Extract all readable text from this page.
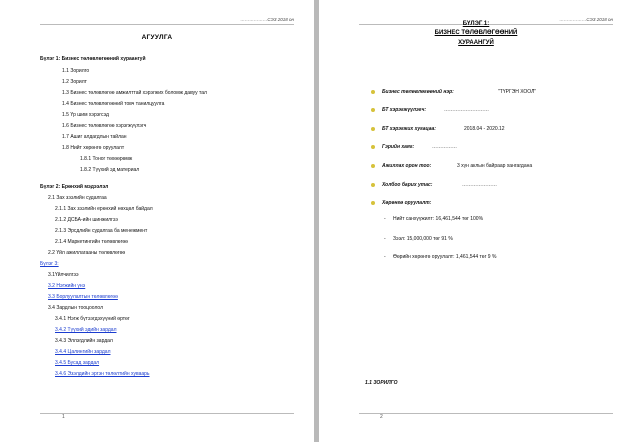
………………СЭЗ 2018 он
АГУУЛГА
Бүлэг 1: Бизнес төлөвлөгөөний хураангуй
1.1 Зорилго
1.2 Зорилт
1.3 Бизнес төлөвлөгөө амжилттай хэрэгжих боломж давуу тал
1.4 Бизнес төлөвлөгөөний товч танилцуулга
1.5 Үр шим хэрэгсэд
1.6 Бизнес төлөвлөгөө хэрэгжүүлэгч
1.7 Ашиг алдагдлын тайлан
1.8 Нийт хөрөнгө оруулалт
1.8.1 Тоног төхөөрөмж
1.8.2 Түүхий эд материал
Бүлэг 2: Ерөнхий мэдээлэл
2.1 Зах зээлийн судалгаа
2.1.1 Зах зээлийн ерөнхий нөхцөл байдал
2.1.2 ДСБА-ийн шинжилгээ
2.1.3 Эрсдлийн судалгаа ба менежмент
2.1.4 Маркетингийн төлөвлөгөө
2.2 Үйл ажиллагааны төлөвлөгөө
Бүлэг 3:
3.1Үйлчилгээ
3.2 Нэгжийн үнэ
3.3 Борлуулалтын төлөвлөгөө
3.4 Зардлын тооцоолол
3.4.1 Нэгж бүтээгдэхүүний өртөг
3.4.2 Түүхий эдийн зардал
3.4.3 Эллэгдлийн зардал
3.4.4 Цалингийн зардал
3.4.5 Бусад зардал
3.4.6 Эзэлдийн эргэн төлөлтийн хуваарь
1
………………СЭЗ 2018 он
БҮЛЭГ 1:
БИЗНЕС ТӨЛӨВЛӨГӨӨНИЙ
ХУРААНГУЙ
Бизнес төлөвлөгөөний нэр:	"ТҮРГЭН ХООЛ"
БТ хэрэгжүүлэгч:	………………………
БТ хэрэгжих хугацаа:	2018.04 - 2020.12
Гэрийн хаяг:	……………
Ажиллах орон тоо:	3 хүн аклын байраар хангагдана
Холбоо барих утас:	…………………
Хөрөнгө оруулалт:
- Нийт санхүүжилт: 16,461,544 төг 100%
- Зээл: 15,000,000 төг 91 %
- Өөрийн хөрөнгө оруулалт: 1,461,544 төг 9 %
1.1 ЗОРИЛГО
2
